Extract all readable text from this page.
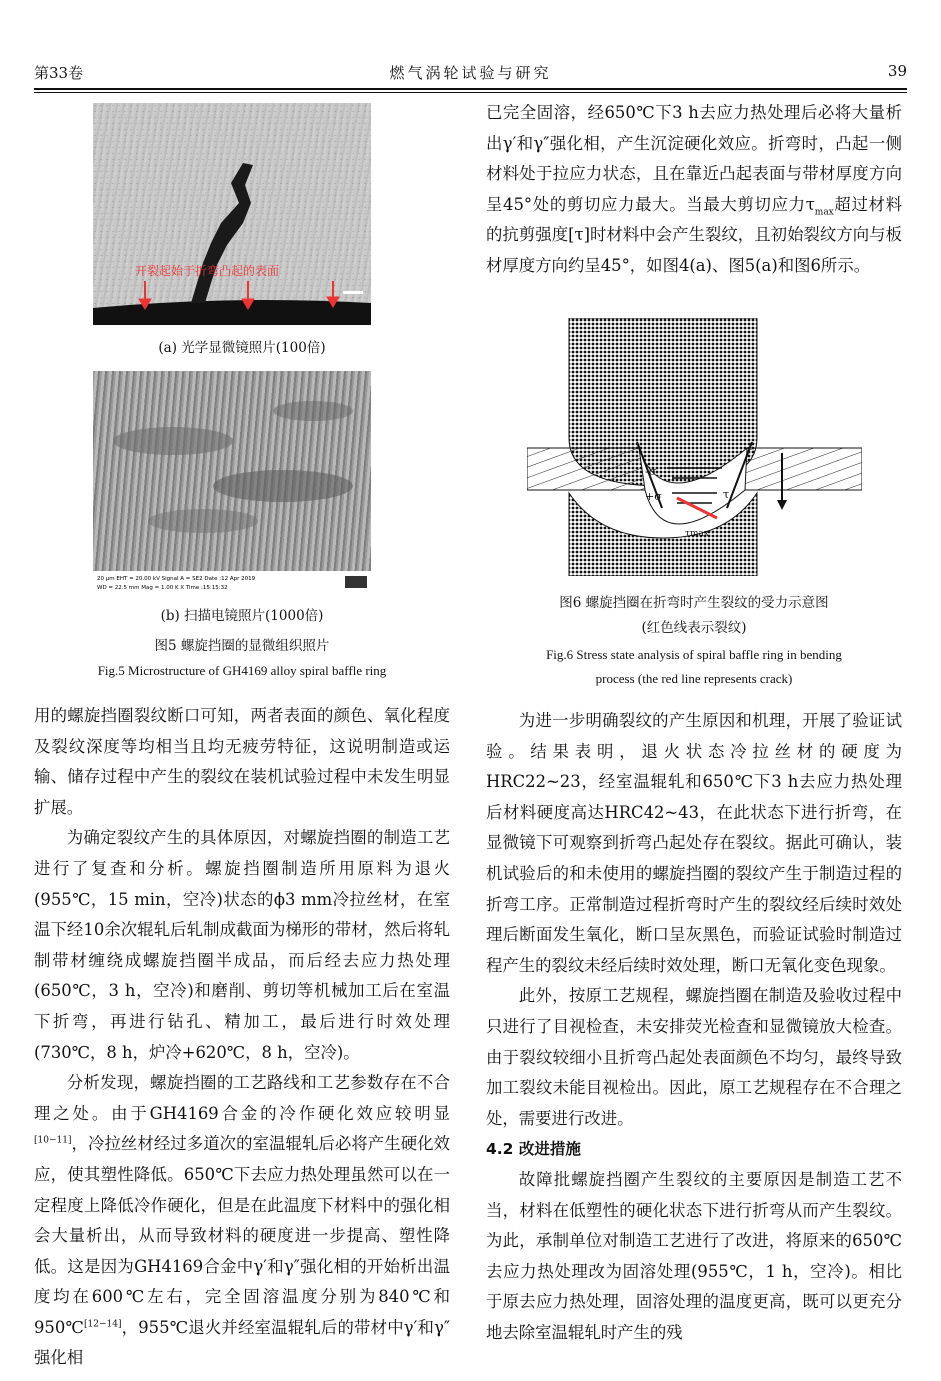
第33卷	燃气涡轮试验与研究	39
开裂起始于折弯凸起的表面
(a) 光学显微镜照片(100倍)
20 μm EHT = 20.00 kV Signal A = SE2 Date :12 Apr 2019
WD = 22.5 mm Mag = 1.00 K X Time :15:15:32
(b) 扫描电镜照片(1000倍)
图5 螺旋挡圈的显微组织照片
Fig.5 Microstructure of GH4169 alloy spiral baffle ring

用的螺旋挡圈裂纹断口可知，两者表面的颜色、氧化程度及裂纹深度等均相当且均无疲劳特征，这说明制造或运输、储存过程中产生的裂纹在装机试验过程中未发生明显扩展。

为确定裂纹产生的具体原因，对螺旋挡圈的制造工艺进行了复查和分析。螺旋挡圈制造所用原料为退火(955℃，15 min，空冷)状态的ϕ3 mm冷拉丝材，在室温下经10余次辊轧后轧制成截面为梯形的带材，然后将轧制带材缠绕成螺旋挡圈半成品，而后经去应力热处理(650℃，3 h，空冷)和磨削、剪切等机械加工后在室温下折弯，再进行钻孔、精加工，最后进行时效处理(730℃，8 h，炉冷+620℃，8 h，空冷)。

分析发现，螺旋挡圈的工艺路线和工艺参数存在不合理之处。由于GH4169合金的冷作硬化效应较明显[10−11]，冷拉丝材经过多道次的室温辊轧后必将产生硬化效应，使其塑性降低。650℃下去应力热处理虽然可以在一定程度上降低冷作硬化，但是在此温度下材料中的强化相会大量析出，从而导致材料的硬度进一步提高、塑性降低。这是因为GH4169合金中γ′和γ″强化相的开始析出温度均在600℃左右，完全固溶温度分别为840℃和950℃[12−14]，955℃退火并经室温辊轧后的带材中γ′和γ″强化相

已完全固溶，经650℃下3 h去应力热处理后必将大量析出γ′和γ″强化相，产生沉淀硬化效应。折弯时，凸起一侧材料处于拉应力状态，且在靠近凸起表面与带材厚度方向呈45°处的剪切应力最大。当最大剪切应力$\tau_{max}$超过材料的抗剪强度[τ]时材料中会产生裂纹，且初始裂纹方向与板材厚度方向约呈45°，如图4(a)、图5(a)和图6所示。

-σ
+σ	τ
τmax
图6 螺旋挡圈在折弯时产生裂纹的受力示意图
(红色线表示裂纹)
Fig.6 Stress state analysis of spiral baffle ring in bending
process (the red line represents crack)

为进一步明确裂纹的产生原因和机理，开展了验证试验。结果表明，退火状态冷拉丝材的硬度为HRC22~23，经室温辊轧和650℃下3 h去应力热处理后材料硬度高达HRC42~43，在此状态下进行折弯，在显微镜下可观察到折弯凸起处存在裂纹。据此可确认，装机试验后的和未使用的螺旋挡圈的裂纹产生于制造过程的折弯工序。正常制造过程折弯时产生的裂纹经后续时效处理后断面发生氧化，断口呈灰黑色，而验证试验时制造过程产生的裂纹未经后续时效处理，断口无氧化变色现象。

此外，按原工艺规程，螺旋挡圈在制造及验收过程中只进行了目视检查，未安排荧光检查和显微镜放大检查。由于裂纹较细小且折弯凸起处表面颜色不均匀，最终导致加工裂纹未能目视检出。因此，原工艺规程存在不合理之处，需要进行改进。

4.2 改进措施

故障批螺旋挡圈产生裂纹的主要原因是制造工艺不当，材料在低塑性的硬化状态下进行折弯从而产生裂纹。为此，承制单位对制造工艺进行了改进，将原来的650℃去应力热处理改为固溶处理(955℃，1 h，空冷)。相比于原去应力热处理，固溶处理的温度更高，既可以更充分地去除室温辊轧时产生的残
